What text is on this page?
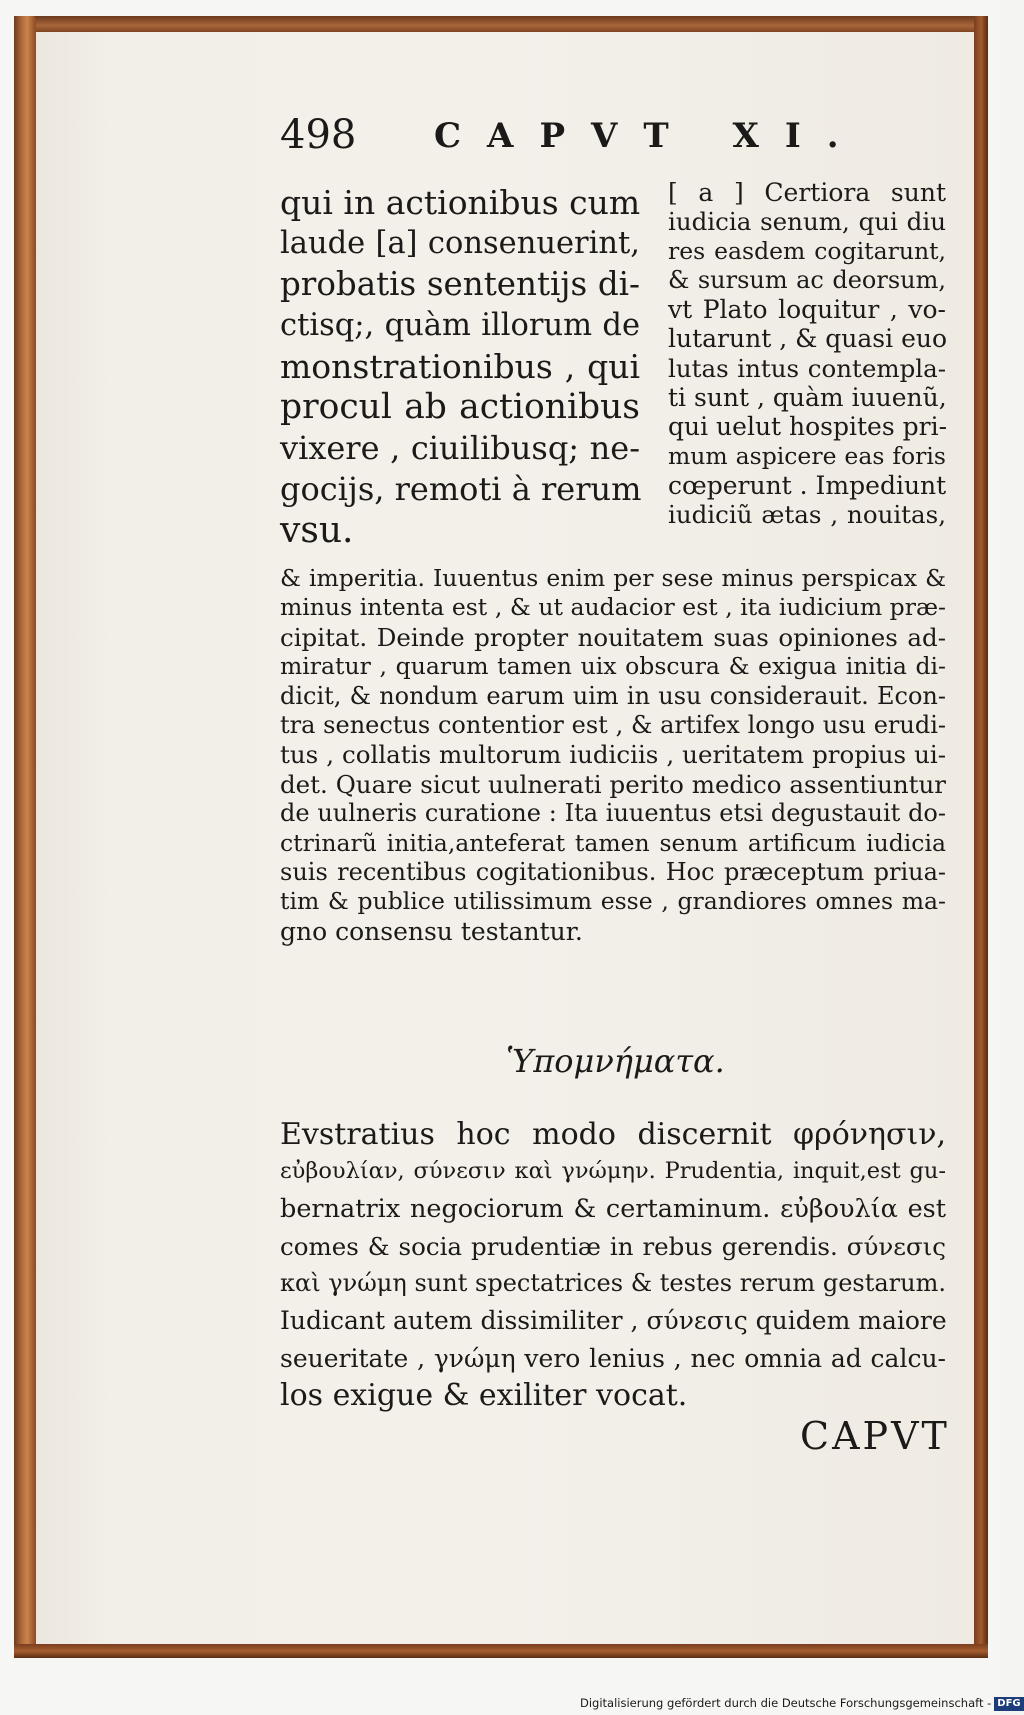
498 CAPVT XI.
qui in actionibus cum
laude [a] consenuerint,
probatis sententijs di-
ctisq;, quàm illorum de
monstrationibus , qui
procul ab actionibus
vixere , ciuilibusq; ne-
gocijs, remoti à rerum
vsu.
[ a ] Certiora sunt
iudicia senum, qui diu
res easdem cogitarunt,
& sursum ac deorsum,
vt Plato loquitur , vo-
lutarunt , & quasi euo
lutas intus contempla-
ti sunt , quàm iuuenũ,
qui uelut hospites pri-
mum aspicere eas foris
cœperunt . Impediunt
iudiciũ ætas , nouitas,
& imperitia. Iuuentus enim per sese minus perspicax &
minus intenta est , & ut audacior est , ita iudicium præ-
cipitat. Deinde propter nouitatem suas opiniones ad-
miratur , quarum tamen uix obscura & exigua initia di-
dicit, & nondum earum uim in usu considerauit. Econ-
tra senectus contentior est , & artifex longo usu erudi-
tus , collatis multorum iudiciis , ueritatem propius ui-
det. Quare sicut uulnerati perito medico assentiuntur
de uulneris curatione : Ita iuuentus etsi degustauit do-
ctrinarũ initia,anteferat tamen senum artificum iudicia
suis recentibus cogitationibus. Hoc præceptum priua-
tim & publice utilissimum esse , grandiores omnes ma-
gno consensu testantur.
Ὑπομνήματα.
Evstratius hoc modo discernit φρόνησιν,
εὐβουλίαν, σύνεσιν καὶ γνώμην. Prudentia, inquit,est gu-
bernatrix negociorum & certaminum. εὐβουλία est
comes & socia prudentiæ in rebus gerendis. σύνεσις
καὶ γνώμη sunt spectatrices & testes rerum gestarum.
Iudicant autem dissimiliter , σύνεσις quidem maiore
seueritate , γνώμη vero lenius , nec omnia ad calcu-
los exigue & exiliter vocat.
CAPVT
Digitalisierung gefördert durch die Deutsche Forschungsgemeinschaft - DFG
